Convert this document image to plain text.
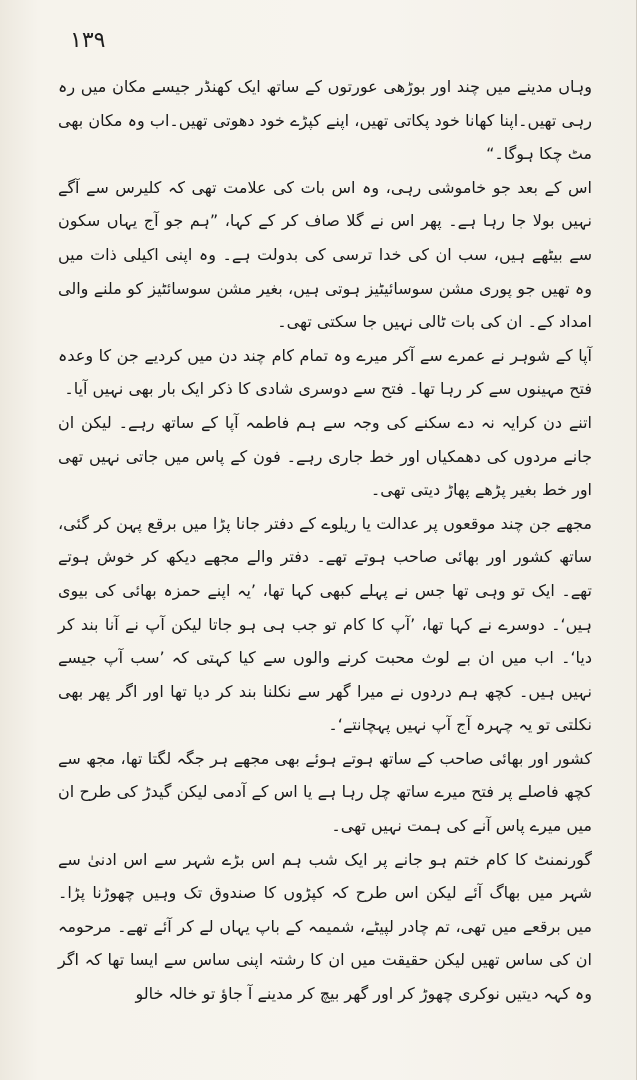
١٣٩

وہاں مدینے میں چند اور بوڑھی عورتوں کے ساتھ ایک کھنڈر جیسے مکان میں رہ رہی تھیں۔اپنا کھانا خود پکاتی تھیں، اپنے کپڑے خود دھوتی تھیں۔اب وہ مکان بھی مٹ چکا ہوگا۔“

اس کے بعد جو خاموشی رہی، وہ اس بات کی علامت تھی کہ کلیرس سے آگے نہیں بولا جا رہا ہے۔ پھر اس نے گلا صاف کر کے کہا، ”ہم جو آج یہاں سکون سے بیٹھے ہیں، سب ان کی خدا ترسی کی بدولت ہے۔ وہ اپنی اکیلی ذات میں وہ تھیں جو پوری مشن سوسائیٹیز ہوتی ہیں، بغیر مشن سوسائٹیز کو ملنے والی امداد کے۔ ان کی بات ٹالی نہیں جا سکتی تھی۔

آپا کے شوہر نے عمرے سے آکر میرے وہ تمام کام چند دن میں کردیے جن کا وعدہ فتح مہینوں سے کر رہا تھا۔ فتح سے دوسری شادی کا ذکر ایک بار بھی نہیں آیا۔

اتنے دن کرایہ نہ دے سکنے کی وجہ سے ہم فاطمہ آپا کے ساتھ رہے۔ لیکن ان جانے مردوں کی دھمکیاں اور خط جاری رہے۔ فون کے پاس میں جاتی نہیں تھی اور خط بغیر پڑھے پھاڑ دیتی تھی۔

مجھے جن چند موقعوں پر عدالت یا ریلوے کے دفتر جانا پڑا میں برقع پہن کر گئی، ساتھ کشور اور بھائی صاحب ہوتے تھے۔ دفتر والے مجھے دیکھ کر خوش ہوتے تھے۔ ایک تو وہی تھا جس نے پہلے کبھی کہا تھا، ’یہ اپنے حمزہ بھائی کی بیوی ہیں‘۔ دوسرے نے کہا تھا، ’آپ کا کام تو جب ہی ہو جاتا لیکن آپ نے آنا بند کر دیا‘۔ اب میں ان بے لوث محبت کرنے والوں سے کیا کہتی کہ ’سب آپ جیسے نہیں ہیں۔ کچھ ہم دردوں نے میرا گھر سے نکلنا بند کر دیا تھا اور اگر پھر بھی نکلتی تو یہ چہرہ آج آپ نہیں پہچانتے‘۔

کشور اور بھائی صاحب کے ساتھ ہوتے ہوئے بھی مجھے ہر جگہ لگتا تھا، مجھ سے کچھ فاصلے پر فتح میرے ساتھ چل رہا ہے یا اس کے آدمی لیکن گیدڑ کی طرح ان میں میرے پاس آنے کی ہمت نہیں تھی۔

گورنمنٹ کا کام ختم ہو جانے پر ایک شب ہم اس بڑے شہر سے اس ادنیٰ سے شہر میں بھاگ آئے لیکن اس طرح کہ کپڑوں کا صندوق تک وہیں چھوڑنا پڑا۔ میں برقعے میں تھی، تم چادر لپیٹے، شمیمہ کے باپ یہاں لے کر آئے تھے۔ مرحومہ ان کی ساس تھیں لیکن حقیقت میں ان کا رشتہ اپنی ساس سے ایسا تھا کہ اگر وہ کہہ دیتیں نوکری چھوڑ کر اور گھر بیچ کر مدینے آ جاؤ تو خالہ خالو
